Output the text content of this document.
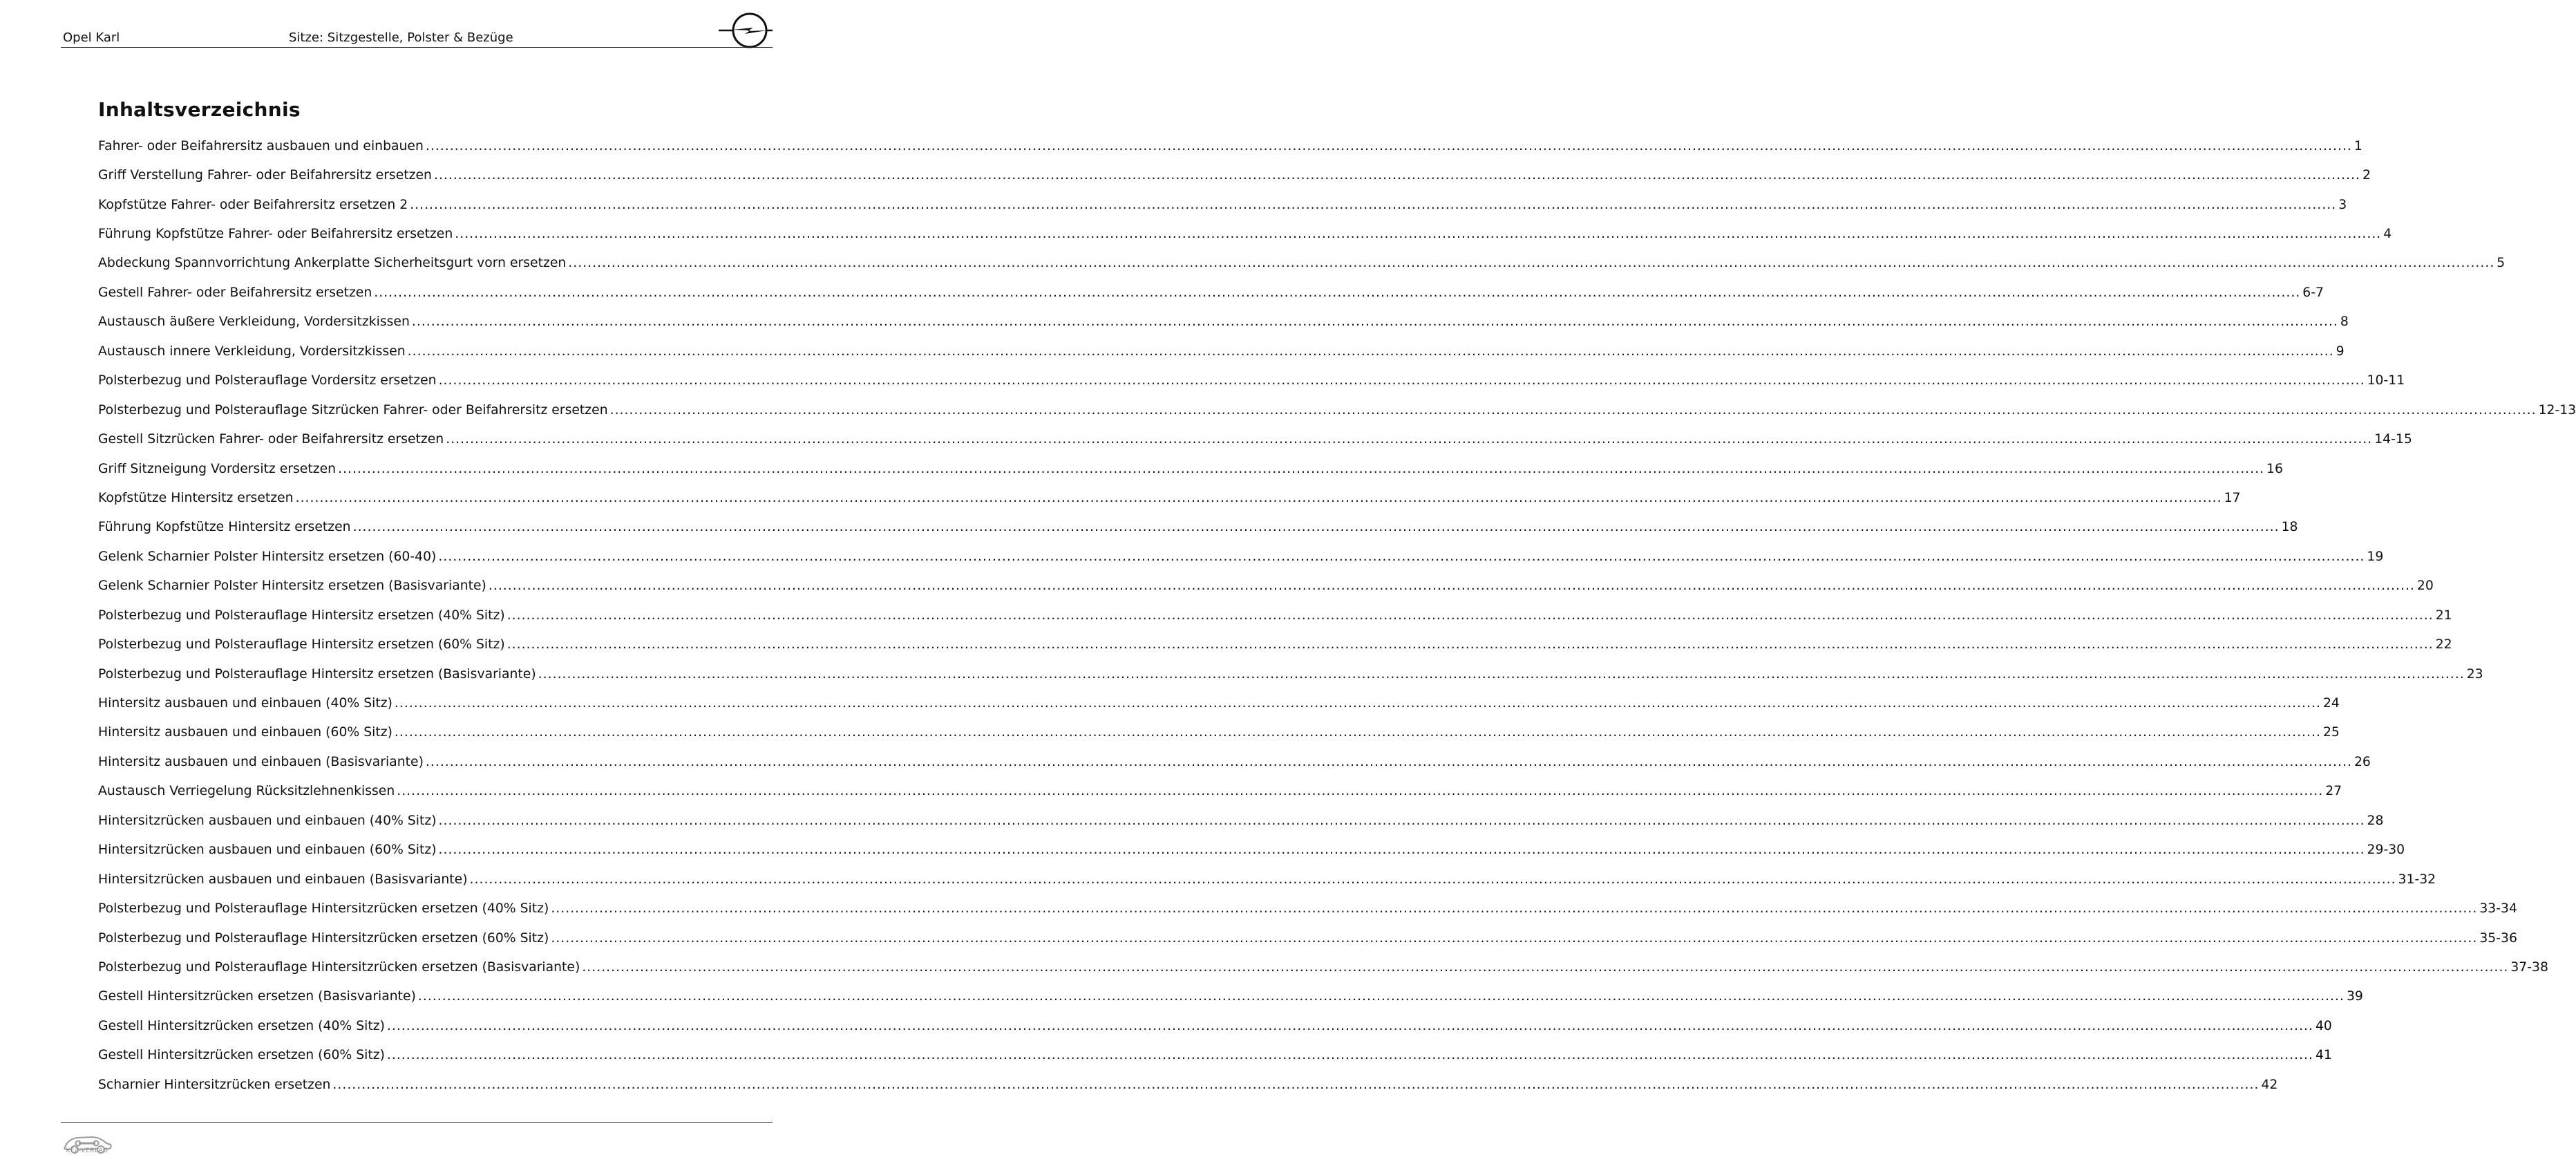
Opel Karl	Sitze: Sitzgestelle, Polster & Bezüge
Inhaltsverzeichnis
Fahrer- oder Beifahrersitz ausbauen und einbauen ................................................................................................................................................................................................................................................................................................................................................................................................................ 1
Griff Verstellung Fahrer- oder Beifahrersitz ersetzen ................................................................................................................................................................................................................................................................................................................................................................................................................ 2
Kopfstütze Fahrer- oder Beifahrersitz ersetzen 2 ................................................................................................................................................................................................................................................................................................................................................................................................................ 3
Führung Kopfstütze Fahrer- oder Beifahrersitz ersetzen ................................................................................................................................................................................................................................................................................................................................................................................................................ 4
Abdeckung Spannvorrichtung Ankerplatte Sicherheitsgurt vorn ersetzen ................................................................................................................................................................................................................................................................................................................................................................................................................ 5
Gestell Fahrer- oder Beifahrersitz ersetzen ................................................................................................................................................................................................................................................................................................................................................................................................................ 6-7
Austausch äußere Verkleidung, Vordersitzkissen ................................................................................................................................................................................................................................................................................................................................................................................................................ 8
Austausch innere Verkleidung, Vordersitzkissen ................................................................................................................................................................................................................................................................................................................................................................................................................ 9
Polsterbezug und Polsterauflage Vordersitz ersetzen ................................................................................................................................................................................................................................................................................................................................................................................................................ 10-11
Polsterbezug und Polsterauflage Sitzrücken Fahrer- oder Beifahrersitz ersetzen ................................................................................................................................................................................................................................................................................................................................................................................................................ 12-13
Gestell Sitzrücken Fahrer- oder Beifahrersitz ersetzen ................................................................................................................................................................................................................................................................................................................................................................................................................ 14-15
Griff Sitzneigung Vordersitz ersetzen ................................................................................................................................................................................................................................................................................................................................................................................................................ 16
Kopfstütze Hintersitz ersetzen ................................................................................................................................................................................................................................................................................................................................................................................................................ 17
Führung Kopfstütze Hintersitz ersetzen ................................................................................................................................................................................................................................................................................................................................................................................................................ 18
Gelenk Scharnier Polster Hintersitz ersetzen (60-40) ................................................................................................................................................................................................................................................................................................................................................................................................................ 19
Gelenk Scharnier Polster Hintersitz ersetzen (Basisvariante) ................................................................................................................................................................................................................................................................................................................................................................................................................ 20
Polsterbezug und Polsterauflage Hintersitz ersetzen (40% Sitz) ................................................................................................................................................................................................................................................................................................................................................................................................................ 21
Polsterbezug und Polsterauflage Hintersitz ersetzen (60% Sitz) ................................................................................................................................................................................................................................................................................................................................................................................................................ 22
Polsterbezug und Polsterauflage Hintersitz ersetzen (Basisvariante) ................................................................................................................................................................................................................................................................................................................................................................................................................ 23
Hintersitz ausbauen und einbauen (40% Sitz) ................................................................................................................................................................................................................................................................................................................................................................................................................ 24
Hintersitz ausbauen und einbauen (60% Sitz) ................................................................................................................................................................................................................................................................................................................................................................................................................ 25
Hintersitz ausbauen und einbauen (Basisvariante) ................................................................................................................................................................................................................................................................................................................................................................................................................ 26
Austausch Verriegelung Rücksitzlehnenkissen ................................................................................................................................................................................................................................................................................................................................................................................................................ 27
Hintersitzrücken ausbauen und einbauen (40% Sitz) ................................................................................................................................................................................................................................................................................................................................................................................................................ 28
Hintersitzrücken ausbauen und einbauen (60% Sitz) ................................................................................................................................................................................................................................................................................................................................................................................................................ 29-30
Hintersitzrücken ausbauen und einbauen (Basisvariante) ................................................................................................................................................................................................................................................................................................................................................................................................................ 31-32
Polsterbezug und Polsterauflage Hintersitzrücken ersetzen (40% Sitz) ................................................................................................................................................................................................................................................................................................................................................................................................................ 33-34
Polsterbezug und Polsterauflage Hintersitzrücken ersetzen (60% Sitz) ................................................................................................................................................................................................................................................................................................................................................................................................................ 35-36
Polsterbezug und Polsterauflage Hintersitzrücken ersetzen (Basisvariante) ................................................................................................................................................................................................................................................................................................................................................................................................................ 37-38
Gestell Hintersitzrücken ersetzen (Basisvariante) ................................................................................................................................................................................................................................................................................................................................................................................................................ 39
Gestell Hintersitzrücken ersetzen (40% Sitz) ................................................................................................................................................................................................................................................................................................................................................................................................................ 40
Gestell Hintersitzrücken ersetzen (60% Sitz) ................................................................................................................................................................................................................................................................................................................................................................................................................ 41
Scharnier Hintersitzrücken ersetzen ................................................................................................................................................................................................................................................................................................................................................................................................................ 42
KFZ-VERLAG
